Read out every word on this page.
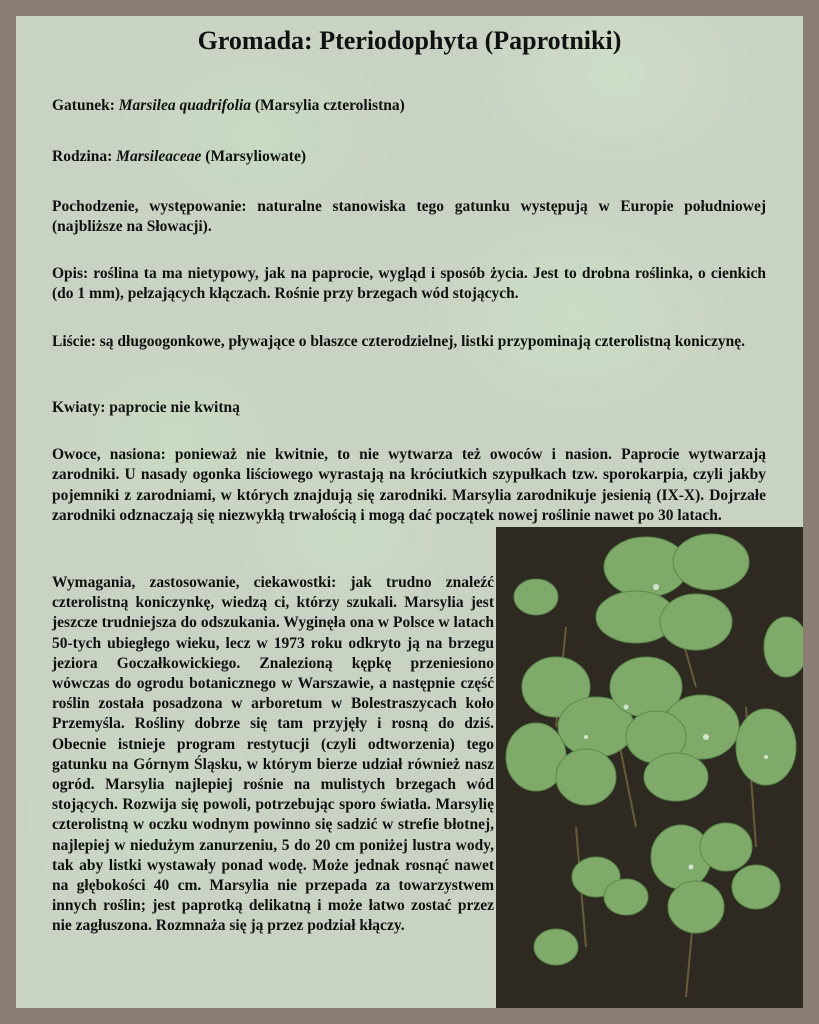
Gromada: Pteriodophyta (Paprotniki)
Gatunek: Marsilea quadrifolia (Marsylia czterolistna)
Rodzina: Marsileaceae (Marsyliowate)
Pochodzenie, występowanie: naturalne stanowiska tego gatunku występują w Europie południowej (najbliższe na Słowacji).
Opis: roślina ta ma nietypowy, jak na paprocie, wygląd i sposób życia. Jest to drobna roślinka, o cienkich (do 1 mm), pełzających kłączach. Rośnie przy brzegach wód stojących.
Liście: są długoogonkowe, pływające o blaszce czterodzielnej, listki przypominają czterolistną koniczynę.
Kwiaty: paprocie nie kwitną
Owoce, nasiona: ponieważ nie kwitnie, to nie wytwarza też owoców i nasion. Paprocie wytwarzają zarodniki. U nasady ogonka liściowego wyrastają na króciutkich szypułkach tzw. sporokarpia, czyli jakby pojemniki z zarodniami, w których znajdują się zarodniki. Marsylia zarodnikuje jesienią (IX-X). Dojrzałe zarodniki odznaczają się niezwykłą trwałością i mogą dać początek nowej roślinie nawet po 30 latach.
Wymagania, zastosowanie, ciekawostki: jak trudno znaleźć czterolistną koniczynkę, wiedzą ci, którzy szukali. Marsylia jest jeszcze trudniejsza do odszukania. Wyginęła ona w Polsce w latach 50-tych ubiegłego wieku, lecz w 1973 roku odkryto ją na brzegu jeziora Goczałkowickiego. Znalezioną kępkę przeniesiono wówczas do ogrodu botanicznego w Warszawie, a następnie część roślin została posadzona w arboretum w Bolestraszycach koło Przemyśla. Rośliny dobrze się tam przyjęły i rosną do dziś. Obecnie istnieje program restytucji (czyli odtworzenia) tego gatunku na Górnym Śląsku, w którym bierze udział również nasz ogród. Marsylia najlepiej rośnie na mulistych brzegach wód stojących. Rozwija się powoli, potrzebując sporo światła. Marsylię czterolistną w oczku wodnym powinno się sadzić w strefie błotnej, najlepiej w niedużym zanurzeniu, 5 do 20 cm poniżej lustra wody, tak aby listki wystawały ponad wodę. Może jednak rosnąć nawet na głębokości 40 cm. Marsylia nie przepada za towarzystwem innych roślin; jest paprotką delikatną i może łatwo zostać przez nie zagłuszona. Rozmnaża się ją przez podział kłączy.
